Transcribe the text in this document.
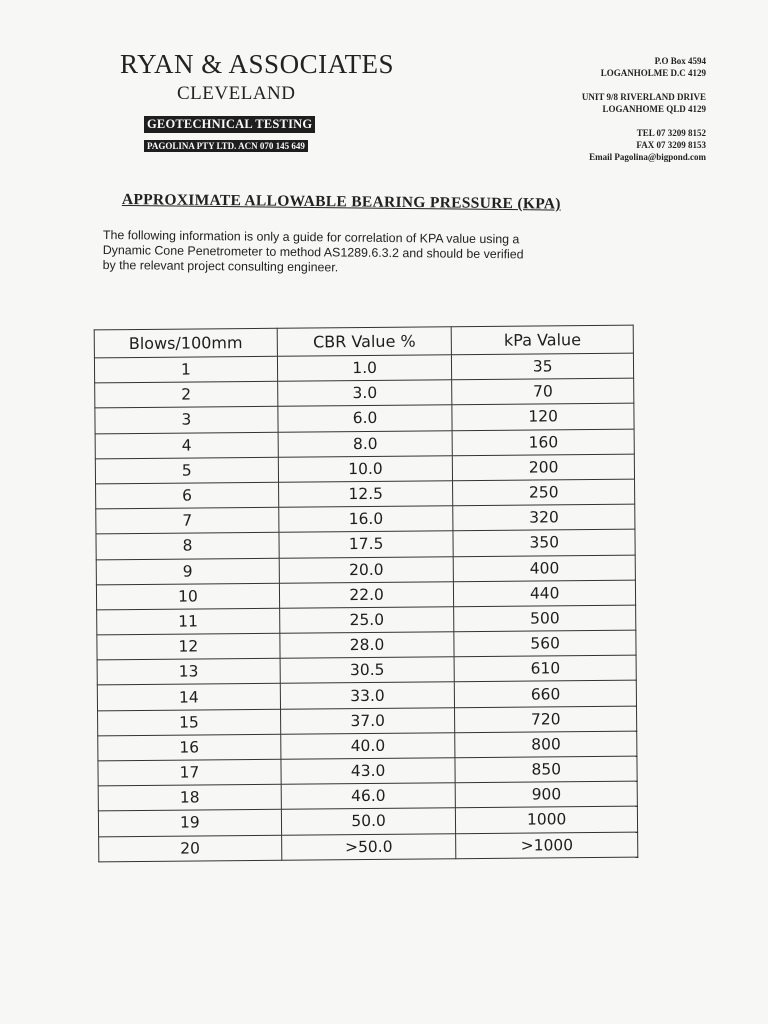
RYAN & ASSOCIATES
CLEVELAND
GEOTECHNICAL TESTING
PAGOLINA PTY LTD. ACN 070 145 649
P.O Box 4594
LOGANHOLME D.C 4129
UNIT 9/8 RIVERLAND DRIVE
LOGANHOME QLD 4129
TEL 07 3209 8152
FAX 07 3209 8153
Email Pagolina@bigpond.com
APPROXIMATE ALLOWABLE BEARING PRESSURE (KPA)
The following information is only a guide for correlation of KPA value using a
Dynamic Cone Penetrometer to method AS1289.6.3.2 and should be verified
by the relevant project consulting engineer.
Blows/100mm	CBR Value %	kPa Value
1	1.0	35
2	3.0	70
3	6.0	120
4	8.0	160
5	10.0	200
6	12.5	250
7	16.0	320
8	17.5	350
9	20.0	400
10	22.0	440
11	25.0	500
12	28.0	560
13	30.5	610
14	33.0	660
15	37.0	720
16	40.0	800
17	43.0	850
18	46.0	900
19	50.0	1000
20	>50.0	>1000
